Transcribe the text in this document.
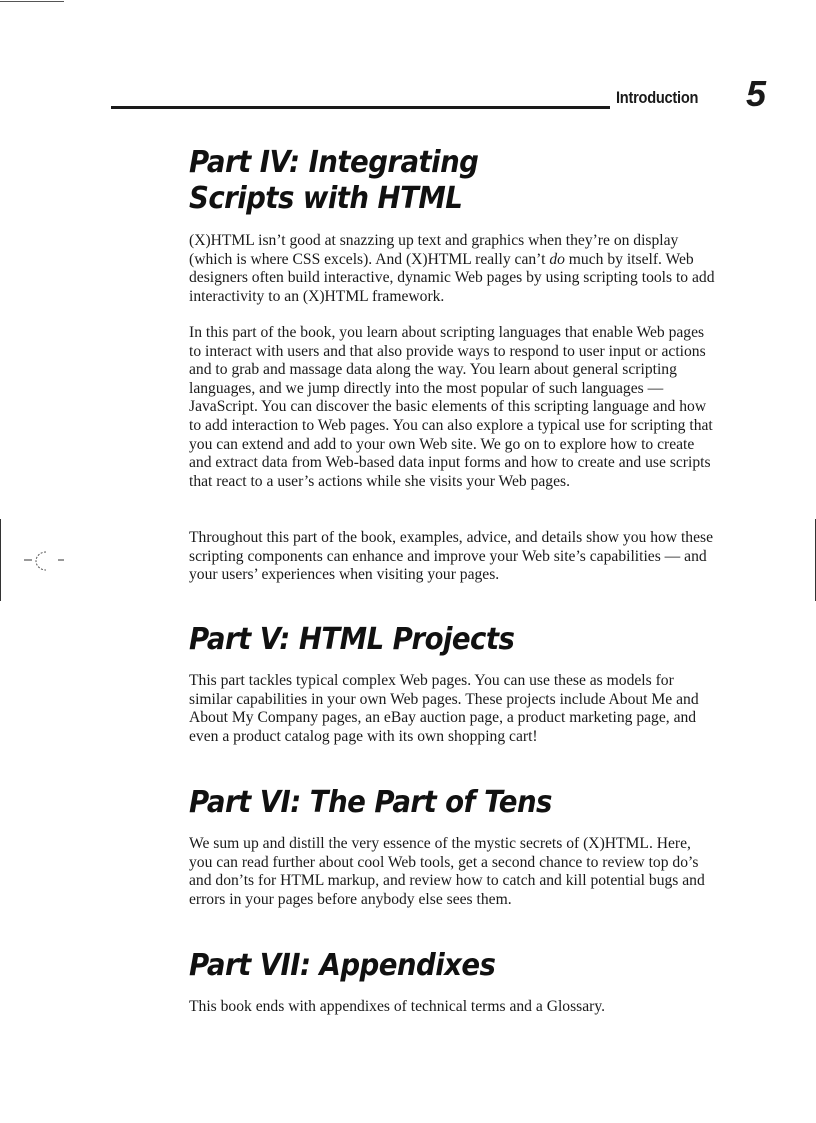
Introduction 5
Part IV: Integrating
Scripts with HTML

(X)HTML isn’t good at snazzing up text and graphics when they’re on display (which is where CSS excels). And (X)HTML really can’t do much by itself. Web designers often build interactive, dynamic Web pages by using scripting tools to add interactivity to an (X)HTML framework.

In this part of the book, you learn about scripting languages that enable Web pages to interact with users and that also provide ways to respond to user input or actions and to grab and massage data along the way. You learn about general scripting languages, and we jump directly into the most popular of such languages — JavaScript. You can discover the basic elements of this scripting language and how to add interaction to Web pages. You can also explore a typical use for scripting that you can extend and add to your own Web site. We go on to explore how to create and extract data from Web-based data input forms and how to create and use scripts that react to a user’s actions while she visits your Web pages.

Throughout this part of the book, examples, advice, and details show you how these scripting components can enhance and improve your Web site’s capabilities — and your users’ experiences when visiting your pages.

Part V: HTML Projects

This part tackles typical complex Web pages. You can use these as models for similar capabilities in your own Web pages. These projects include About Me and About My Company pages, an eBay auction page, a product marketing page, and even a product catalog page with its own shopping cart!

Part VI: The Part of Tens

We sum up and distill the very essence of the mystic secrets of (X)HTML. Here, you can read further about cool Web tools, get a second chance to review top do’s and don’ts for HTML markup, and review how to catch and kill potential bugs and errors in your pages before anybody else sees them.

Part VII: Appendixes

This book ends with appendixes of technical terms and a Glossary.
